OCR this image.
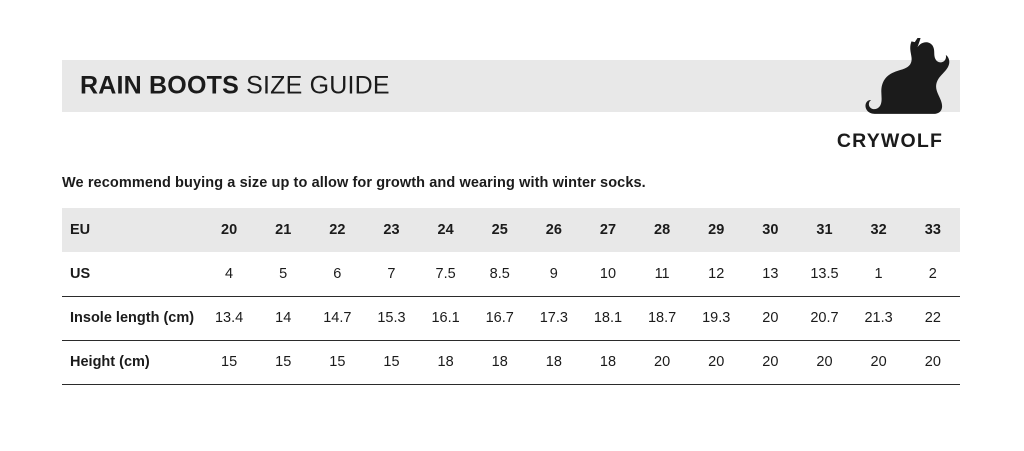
RAIN BOOTS SIZE GUIDE
CRYWOLF
We recommend buying a size up to allow for growth and wearing with winter socks.
EU	20	21	22	23	24	25	26	27	28	29	30	31	32	33
US	4	5	6	7	7.5	8.5	9	10	11	12	13	13.5	1	2
Insole length (cm)	13.4	14	14.7	15.3	16.1	16.7	17.3	18.1	18.7	19.3	20	20.7	21.3	22
Height (cm)	15	15	15	15	18	18	18	18	20	20	20	20	20	20
